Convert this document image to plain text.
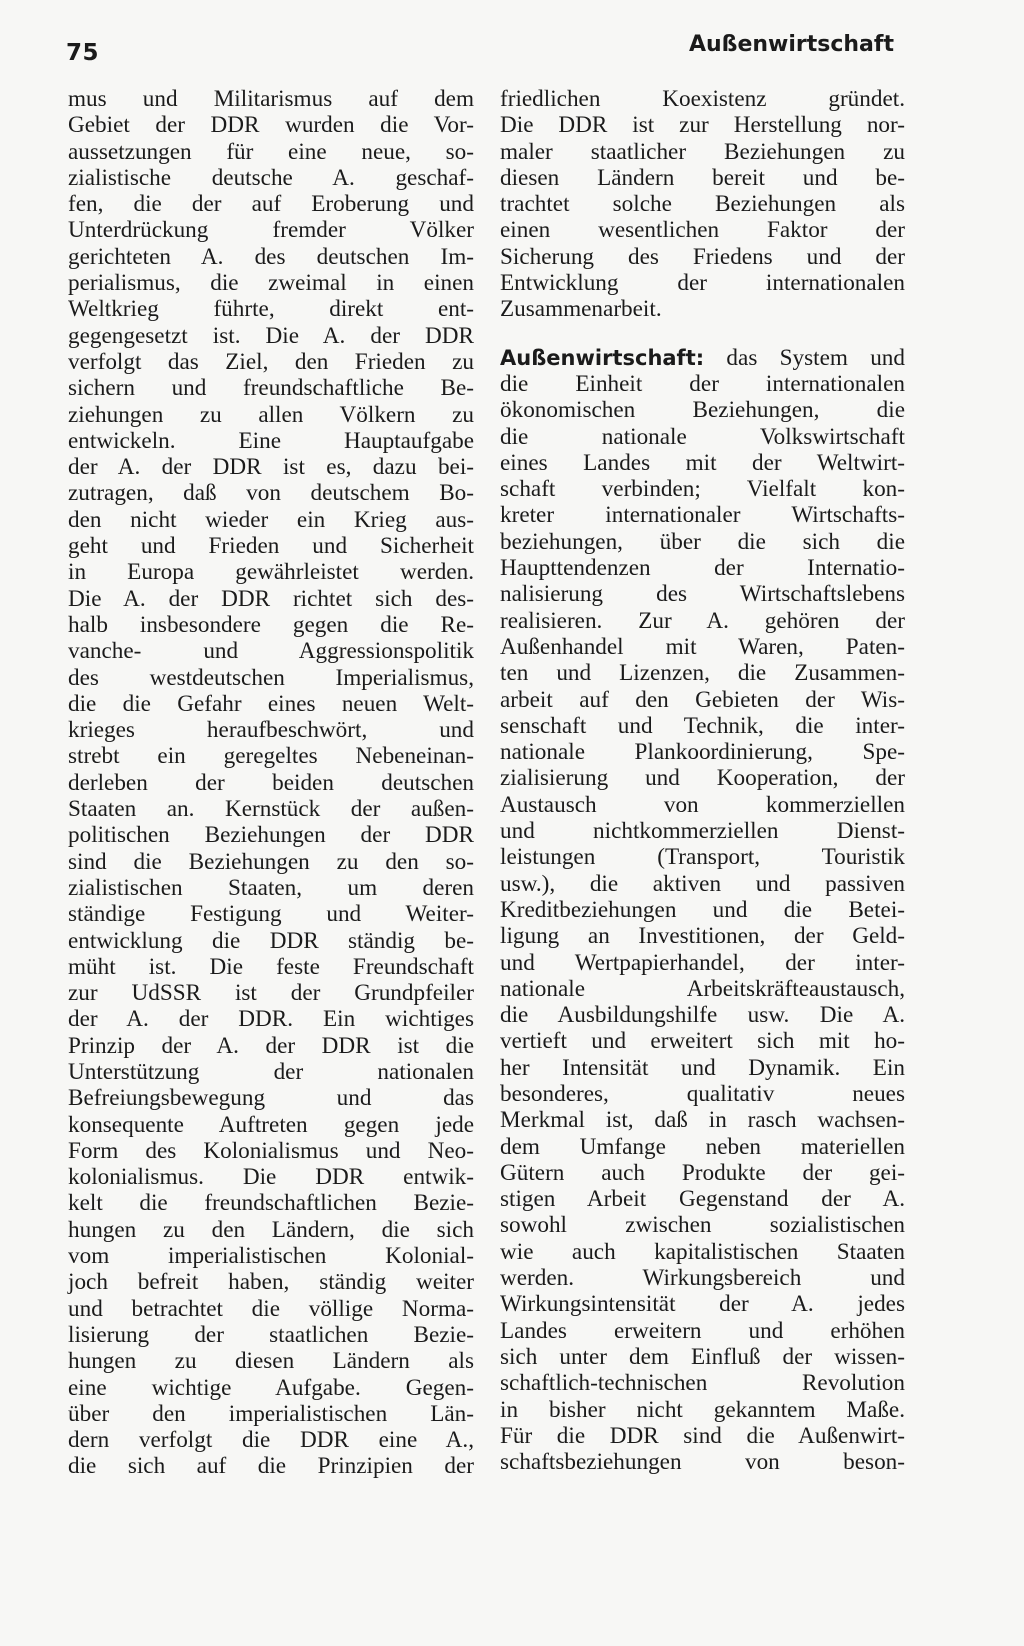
75	Außenwirtschaft
mus und Militarismus auf dem
Gebiet der DDR wurden die Vor-
aussetzungen für eine neue, so-
zialistische deutsche A. geschaf-
fen, die der auf Eroberung und
Unterdrückung fremder Völker
gerichteten A. des deutschen Im-
perialismus, die zweimal in einen
Weltkrieg führte, direkt ent-
gegengesetzt ist. Die A. der DDR
verfolgt das Ziel, den Frieden zu
sichern und freundschaftliche Be-
ziehungen zu allen Völkern zu
entwickeln. Eine Hauptaufgabe
der A. der DDR ist es, dazu bei-
zutragen, daß von deutschem Bo-
den nicht wieder ein Krieg aus-
geht und Frieden und Sicherheit
in Europa gewährleistet werden.
Die A. der DDR richtet sich des-
halb insbesondere gegen die Re-
vanche- und Aggressionspolitik
des westdeutschen Imperialismus,
die die Gefahr eines neuen Welt-
krieges heraufbeschwört, und
strebt ein geregeltes Nebeneinan-
derleben der beiden deutschen
Staaten an. Kernstück der außen-
politischen Beziehungen der DDR
sind die Beziehungen zu den so-
zialistischen Staaten, um deren
ständige Festigung und Weiter-
entwicklung die DDR ständig be-
müht ist. Die feste Freundschaft
zur UdSSR ist der Grundpfeiler
der A. der DDR. Ein wichtiges
Prinzip der A. der DDR ist die
Unterstützung der nationalen
Befreiungsbewegung und das
konsequente Auftreten gegen jede
Form des Kolonialismus und Neo-
kolonialismus. Die DDR entwik-
kelt die freundschaftlichen Bezie-
hungen zu den Ländern, die sich
vom imperialistischen Kolonial-
joch befreit haben, ständig weiter
und betrachtet die völlige Norma-
lisierung der staatlichen Bezie-
hungen zu diesen Ländern als
eine wichtige Aufgabe. Gegen-
über den imperialistischen Län-
dern verfolgt die DDR eine A.,
die sich auf die Prinzipien der
friedlichen Koexistenz gründet.
Die DDR ist zur Herstellung nor-
maler staatlicher Beziehungen zu
diesen Ländern bereit und be-
trachtet solche Beziehungen als
einen wesentlichen Faktor der
Sicherung des Friedens und der
Entwicklung der internationalen
Zusammenarbeit.
Außenwirtschaft: das System und
die Einheit der internationalen
ökonomischen Beziehungen, die
die nationale Volkswirtschaft
eines Landes mit der Weltwirt-
schaft verbinden; Vielfalt kon-
kreter internationaler Wirtschafts-
beziehungen, über die sich die
Haupttendenzen der Internatio-
nalisierung des Wirtschaftslebens
realisieren. Zur A. gehören der
Außenhandel mit Waren, Paten-
ten und Lizenzen, die Zusammen-
arbeit auf den Gebieten der Wis-
senschaft und Technik, die inter-
nationale Plankoordinierung, Spe-
zialisierung und Kooperation, der
Austausch von kommerziellen
und nichtkommerziellen Dienst-
leistungen (Transport, Touristik
usw.), die aktiven und passiven
Kreditbeziehungen und die Betei-
ligung an Investitionen, der Geld-
und Wertpapierhandel, der inter-
nationale Arbeitskräfteaustausch,
die Ausbildungshilfe usw. Die A.
vertieft und erweitert sich mit ho-
her Intensität und Dynamik. Ein
besonderes, qualitativ neues
Merkmal ist, daß in rasch wachsen-
dem Umfange neben materiellen
Gütern auch Produkte der gei-
stigen Arbeit Gegenstand der A.
sowohl zwischen sozialistischen
wie auch kapitalistischen Staaten
werden. Wirkungsbereich und
Wirkungsintensität der A. jedes
Landes erweitern und erhöhen
sich unter dem Einfluß der wissen-
schaftlich-technischen Revolution
in bisher nicht gekanntem Maße.
Für die DDR sind die Außenwirt-
schaftsbeziehungen von beson-
